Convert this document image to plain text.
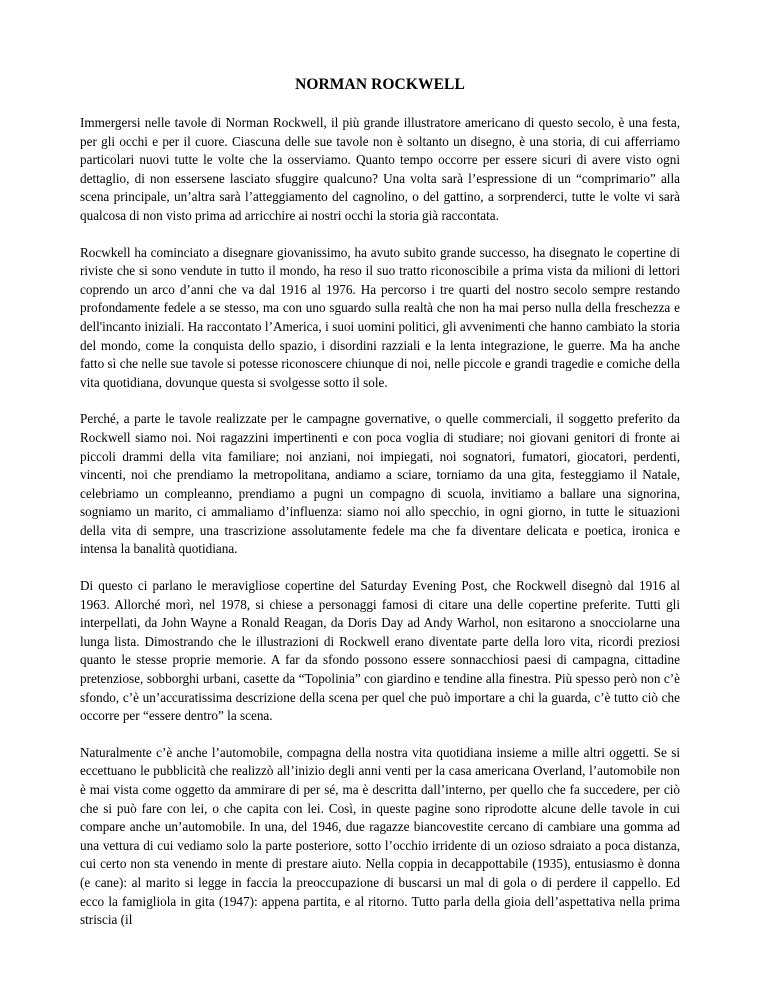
NORMAN ROCKWELL

Immergersi nelle tavole di Norman Rockwell, il più grande illustratore americano di questo secolo, è una festa, per gli occhi e per il cuore. Ciascuna delle sue tavole non è soltanto un disegno, è una storia, di cui afferriamo particolari nuovi tutte le volte che la osserviamo. Quanto tempo occorre per essere sicuri di avere visto ogni dettaglio, di non essersene lasciato sfuggire qualcuno? Una volta sarà l’espressione di un “comprimario” alla scena principale, un’altra sarà l’atteggiamento del cagnolino, o del gattino, a sorprenderci, tutte le volte vi sarà qualcosa di non visto prima ad arricchire ai nostri occhi la storia già raccontata.

Rocwkell ha cominciato a disegnare giovanissimo, ha avuto subito grande successo, ha disegnato le copertine di riviste che si sono vendute in tutto il mondo, ha reso il suo tratto riconoscibile a prima vista da milioni di lettori coprendo un arco d’anni che va dal 1916 al 1976. Ha percorso i tre quarti del nostro secolo sempre restando profondamente fedele a se stesso, ma con uno sguardo sulla realtà che non ha mai perso nulla della freschezza e dell'incanto iniziali. Ha raccontato l’America, i suoi uomini politici, gli avvenimenti che hanno cambiato la storia del mondo, come la conquista dello spazio, i disordini razziali e la lenta integrazione, le guerre. Ma ha anche fatto sì che nelle sue tavole si potesse riconoscere chiunque di noi, nelle piccole e grandi tragedie e comiche della vita quotidiana, dovunque questa si svolgesse sotto il sole.

Perché, a parte le tavole realizzate per le campagne governative, o quelle commerciali, il soggetto preferito da Rockwell siamo noi. Noi ragazzini impertinenti e con poca voglia di studiare; noi giovani genitori di fronte ai piccoli drammi della vita familiare; noi anziani, noi impiegati, noi sognatori, fumatori, giocatori, perdenti, vincenti, noi che prendiamo la metropolitana, andiamo a sciare, torniamo da una gita, festeggiamo il Natale, celebriamo un compleanno, prendiamo a pugni un compagno di scuola, invitiamo a ballare una signorina, sogniamo un marito, ci ammaliamo d’influenza: siamo noi allo specchio, in ogni giorno, in tutte le situazioni della vita di sempre, una trascrizione assolutamente fedele ma che fa diventare delicata e poetica, ironica e intensa la banalità quotidiana.

Di questo ci parlano le meravigliose copertine del Saturday Evening Post, che Rockwell disegnò dal 1916 al 1963. Allorché morì, nel 1978, si chiese a personaggi famosi di citare una delle copertine preferite. Tutti gli interpellati, da John Wayne a Ronald Reagan, da Doris Day ad Andy Warhol, non esitarono a snocciolarne una lunga lista. Dimostrando che le illustrazioni di Rockwell erano diventate parte della loro vita, ricordi preziosi quanto le stesse proprie memorie. A far da sfondo possono essere sonnacchiosi paesi di campagna, cittadine pretenziose, sobborghi urbani, casette da “Topolinia” con giardino e tendine alla finestra. Più spesso però non c’è sfondo, c’è un’accuratissima descrizione della scena per quel che può importare a chi la guarda, c’è tutto ciò che occorre per “essere dentro” la scena.

Naturalmente c’è anche l’automobile, compagna della nostra vita quotidiana insieme a mille altri oggetti. Se si eccettuano le pubblicità che realizzò all’inizio degli anni venti per la casa americana Overland, l’automobile non è mai vista come oggetto da ammirare di per sé, ma è descritta dall’interno, per quello che fa succedere, per ciò che si può fare con lei, o che capita con lei. Così, in queste pagine sono riprodotte alcune delle tavole in cui compare anche un’automobile. In una, del 1946, due ragazze biancovestite cercano di cambiare una gomma ad una vettura di cui vediamo solo la parte posteriore, sotto l’occhio irridente di un ozioso sdraiato a poca distanza, cui certo non sta venendo in mente di prestare aiuto. Nella coppia in decappottabile (1935), entusiasmo è donna (e cane): al marito si legge in faccia la preoccupazione di buscarsi un mal di gola o di perdere il cappello. Ed ecco la famigliola in gita (1947): appena partita, e al ritorno. Tutto parla della gioia dell’aspettativa nella prima striscia (il
